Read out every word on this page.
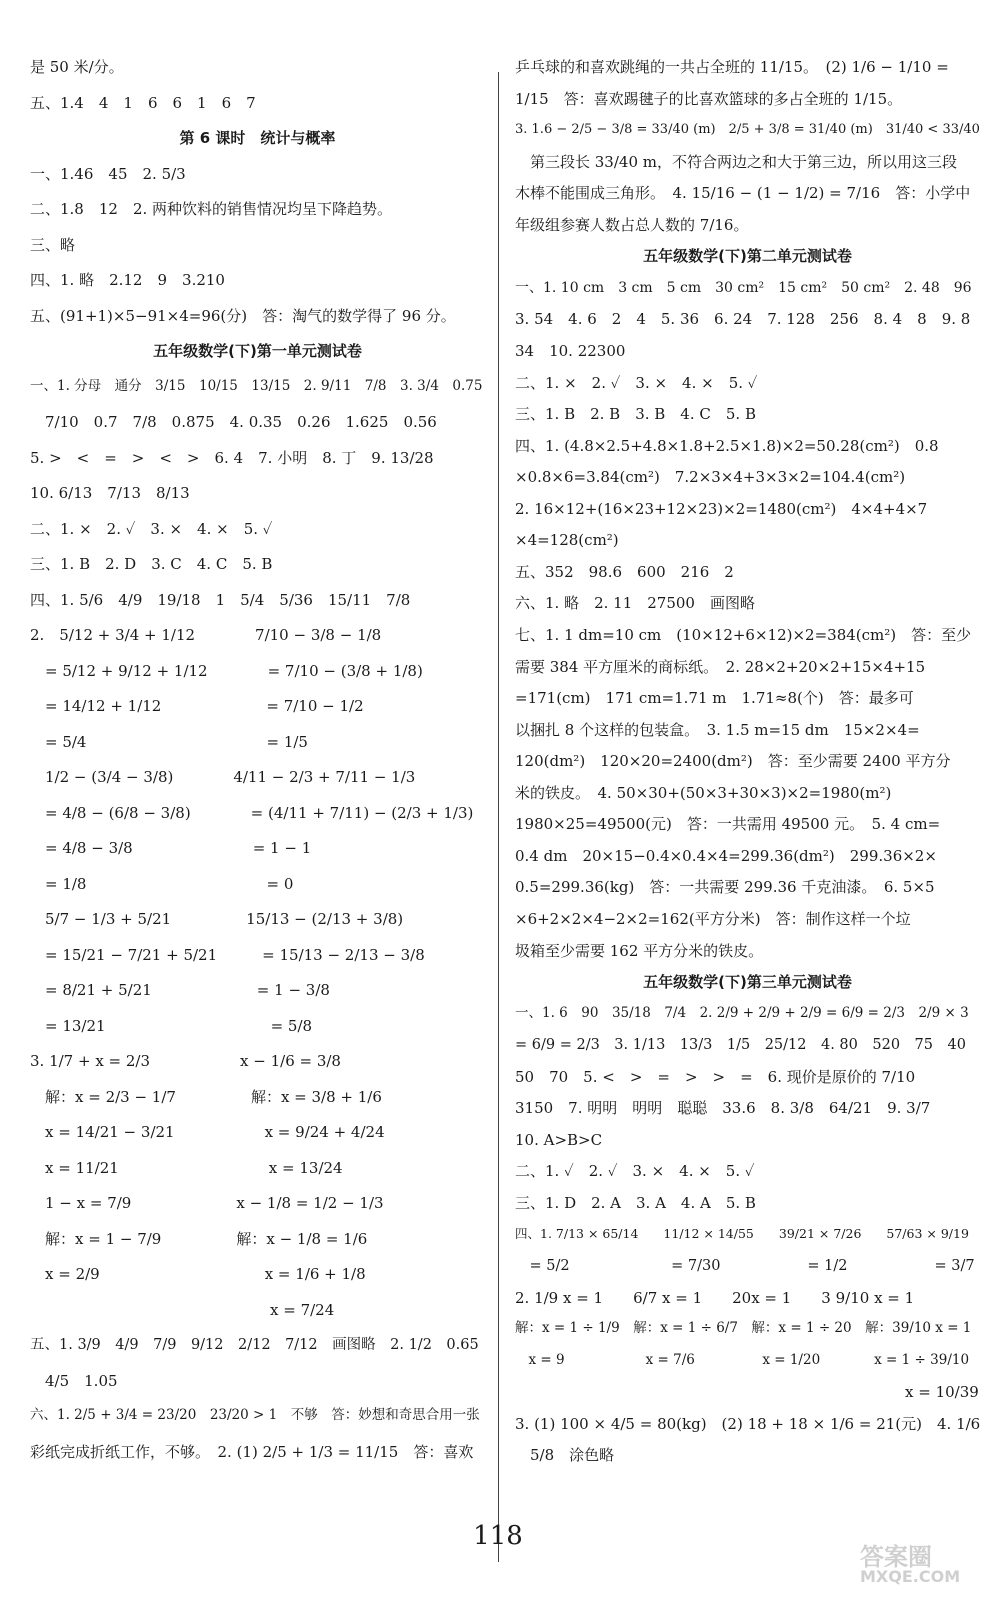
是 50 米/分。
五、1.4　4　1　6　6　1　6　7
第 6 课时　统计与概率
一、1.46　45　2. 5/3
二、1.8　12　2. 两种饮料的销售情况均呈下降趋势。
三、略
四、1. 略　2.12　9　3.210
五、(91+1)×5−91×4=96(分)　答：淘气的数学得了 96 分。
五年级数学(下)第一单元测试卷
一、1. 分母　通分　3/15　10/15　13/15　2. 9/11　7/8　3. 3/4　0.75
　7/10　0.7　7/8　0.875　4. 0.35　0.26　1.625　0.56
5. >　<　=　>　<　>　6. 4　7. 小明　8. 丁　9. 13/28
10. 6/13　7/13　8/13
二、1. ×　2. ✓　3. ×　4. ×　5. ✓
三、1. B　2. D　3. C　4. C　5. B
四、1. 5/6　4/9　19/18　1　5/4　5/36　15/11　7/8
2.　5/12 + 3/4 + 1/12　　　　7/10 − 3/8 − 1/8
　= 5/12 + 9/12 + 1/12　　　　= 7/10 − (3/8 + 1/8)
　= 14/12 + 1/12　　　　　　　= 7/10 − 1/2
　= 5/4　　　　　　　　　　　　= 1/5
　1/2 − (3/4 − 3/8)　　　　4/11 − 2/3 + 7/11 − 1/3
　= 4/8 − (6/8 − 3/8)　　　　= (4/11 + 7/11) − (2/3 + 1/3)
　= 4/8 − 3/8　　　　　　　　= 1 − 1
　= 1/8　　　　　　　　　　　　= 0
　5/7 − 1/3 + 5/21　　　　　15/13 − (2/13 + 3/8)
　= 15/21 − 7/21 + 5/21　　　= 15/13 − 2/13 − 3/8
　= 8/21 + 5/21　　　　　　　= 1 − 3/8
　= 13/21　　　　　　　　　　　= 5/8
3. 1/7 + x = 2/3　　　　　　x − 1/6 = 3/8
　解：x = 2/3 − 1/7　　　　　解：x = 3/8 + 1/6
　x = 14/21 − 3/21　　　　　　x = 9/24 + 4/24
　x = 11/21　　　　　　　　　　x = 13/24
　1 − x = 7/9　　　　　　　x − 1/8 = 1/2 − 1/3
　解：x = 1 − 7/9　　　　　解：x − 1/8 = 1/6
　x = 2/9　　　　　　　　　　　x = 1/6 + 1/8
　　　　　　　　　　　　　　　　x = 7/24
五、1. 3/9　4/9　7/9　9/12　2/12　7/12　画图略　2. 1/2　0.65
　4/5　1.05
六、1. 2/5 + 3/4 = 23/20　23/20 > 1　不够　答：妙想和奇思合用一张
彩纸完成折纸工作，不够。　2. (1) 2/5 + 1/3 = 11/15　答：喜欢
乒乓球的和喜欢跳绳的一共占全班的 11/15。　(2) 1/6 − 1/10 =
1/15　答：喜欢踢毽子的比喜欢篮球的多占全班的 1/15。
3. 1.6 − 2/5 − 3/8 = 33/40 (m)　2/5 + 3/8 = 31/40 (m)　31/40 < 33/40
　第三段长 33/40 m，不符合两边之和大于第三边，所以用这三段
木棒不能围成三角形。　4. 15/16 − (1 − 1/2) = 7/16　答：小学中
年级组参赛人数占总人数的 7/16。
五年级数学(下)第二单元测试卷
一、1. 10 cm　3 cm　5 cm　30 cm²　15 cm²　50 cm²　2. 48　96
3. 54　4. 6　2　4　5. 36　6. 24　7. 128　256　8. 4　8　9. 8
34　10. 22300
二、1. ×　2. ✓　3. ×　4. ×　5. ✓
三、1. B　2. B　3. B　4. C　5. B
四、1. (4.8×2.5+4.8×1.8+2.5×1.8)×2=50.28(cm²)　0.8
×0.8×6=3.84(cm²)　7.2×3×4+3×3×2=104.4(cm²)
2. 16×12+(16×23+12×23)×2=1480(cm²)　4×4+4×7
×4=128(cm²)
五、352　98.6　600　216　2
六、1. 略　2. 11　27500　画图略
七、1. 1 dm=10 cm　(10×12+6×12)×2=384(cm²)　答：至少
需要 384 平方厘米的商标纸。　2. 28×2+20×2+15×4+15
=171(cm)　171 cm=1.71 m　1.71≈8(个)　答：最多可
以捆扎 8 个这样的包装盒。　3. 1.5 m=15 dm　15×2×4=
120(dm²)　120×20=2400(dm²)　答：至少需要 2400 平方分
米的铁皮。　4. 50×30+(50×3+30×3)×2=1980(m²)
1980×25=49500(元)　答：一共需用 49500 元。　5. 4 cm=
0.4 dm　20×15−0.4×0.4×4=299.36(dm²)　299.36×2×
0.5=299.36(kg)　答：一共需要 299.36 千克油漆。　6. 5×5
×6+2×2×4−2×2=162(平方分米)　答：制作这样一个垃
圾箱至少需要 162 平方分米的铁皮。
五年级数学(下)第三单元测试卷
一、1. 6　90　35/18　7/4　2. 2/9 + 2/9 + 2/9 = 6/9 = 2/3　2/9 × 3
= 6/9 = 2/3　3. 1/13　13/3　1/5　25/12　4. 80　520　75　40
50　70　5. <　>　=　>　>　=　6. 现价是原价的 7/10
3150　7. 明明　明明　聪聪　33.6　8. 3/8　64/21　9. 3/7
10. A>B>C
二、1. ✓　2. ✓　3. ×　4. ×　5. ✓
三、1. D　2. A　3. A　4. A　5. B
四、1. 7/13 × 65/14　　11/12 × 14/55　　39/21 × 7/26　　57/63 × 9/19
　= 5/2　　　　　　　= 7/30　　　　　　= 1/2　　　　　　= 3/7
2. 1/9 x = 1　　6/7 x = 1　　20x = 1　　3 9/10 x = 1
解：x = 1 ÷ 1/9　解：x = 1 ÷ 6/7　解：x = 1 ÷ 20　解：39/10 x = 1
　x = 9　　　　　　x = 7/6　　　　　x = 1/20　　　　x = 1 ÷ 39/10
　　　　　　　　　　　　　　　　　　　　　　　　　　x = 10/39
3. (1) 100 × 4/5 = 80(kg)　(2) 18 + 18 × 1/6 = 21(元)　4. 1/6
　5/8　涂色略
118
答案圈
MXQE.COM
